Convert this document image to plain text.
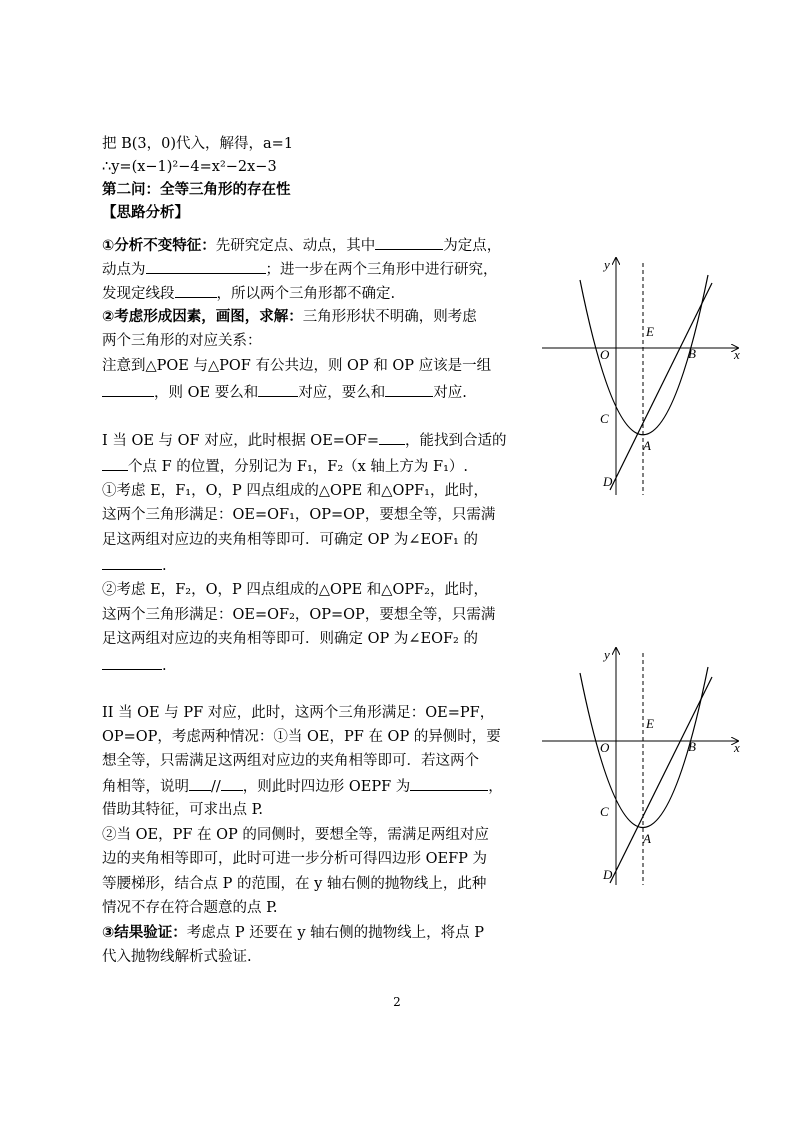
把 B(3，0)代入，解得，a=1
∴y=(x−1)²−4=x²−2x−3
第二问：全等三角形的存在性
【思路分析】
①分析不变特征：先研究定点、动点，其中	为定点，
动点为	；进一步在两个三角形中进行研究，
发现定线段	，所以两个三角形都不确定.
②考虑形成因素，画图，求解：三角形形状不明确，则考虑
两个三角形的对应关系：
注意到△POE 与△POF 有公共边，则 OP 和 OP 应该是一组
，则 OE 要么和	对应，要么和	对应.
I 当 OE 与 OF 对应，此时根据 OE=OF= ，能找到合适的
个点 F 的位置，分别记为 F₁，F₂（x 轴上方为 F₁）.
①考虑 E，F₁，O，P 四点组成的△OPE 和△OPF₁，此时，
这两个三角形满足：OE=OF₁，OP=OP，要想全等，只需满
足这两组对应边的夹角相等即可．可确定 OP 为∠EOF₁ 的
.
②考虑 E，F₂，O，P 四点组成的△OPE 和△OPF₂，此时，
这两个三角形满足：OE=OF₂，OP=OP，要想全等，只需满
足这两组对应边的夹角相等即可．则确定 OP 为∠EOF₂ 的
.
II 当 OE 与 PF 对应，此时，这两个三角形满足：OE=PF，
OP=OP，考虑两种情况：①当 OE，PF 在 OP 的异侧时，要
想全等，只需满足这两组对应边的夹角相等即可．若这两个
角相等，说明 // ，则此时四边形 OEPF 为	，
借助其特征，可求出点 P.
②当 OE，PF 在 OP 的同侧时，要想全等，需满足两组对应
边的夹角相等即可，此时可进一步分析可得四边形 OEFP 为
等腰梯形，结合点 P 的范围，在 y 轴右侧的抛物线上，此种
情况不存在符合题意的点 P.
③结果验证：考虑点 P 还要在 y 轴右侧的抛物线上，将点 P
代入抛物线解析式验证.
2
y
x
O
E
B
C
A
D
y
x
O
E
B
C
A
D
